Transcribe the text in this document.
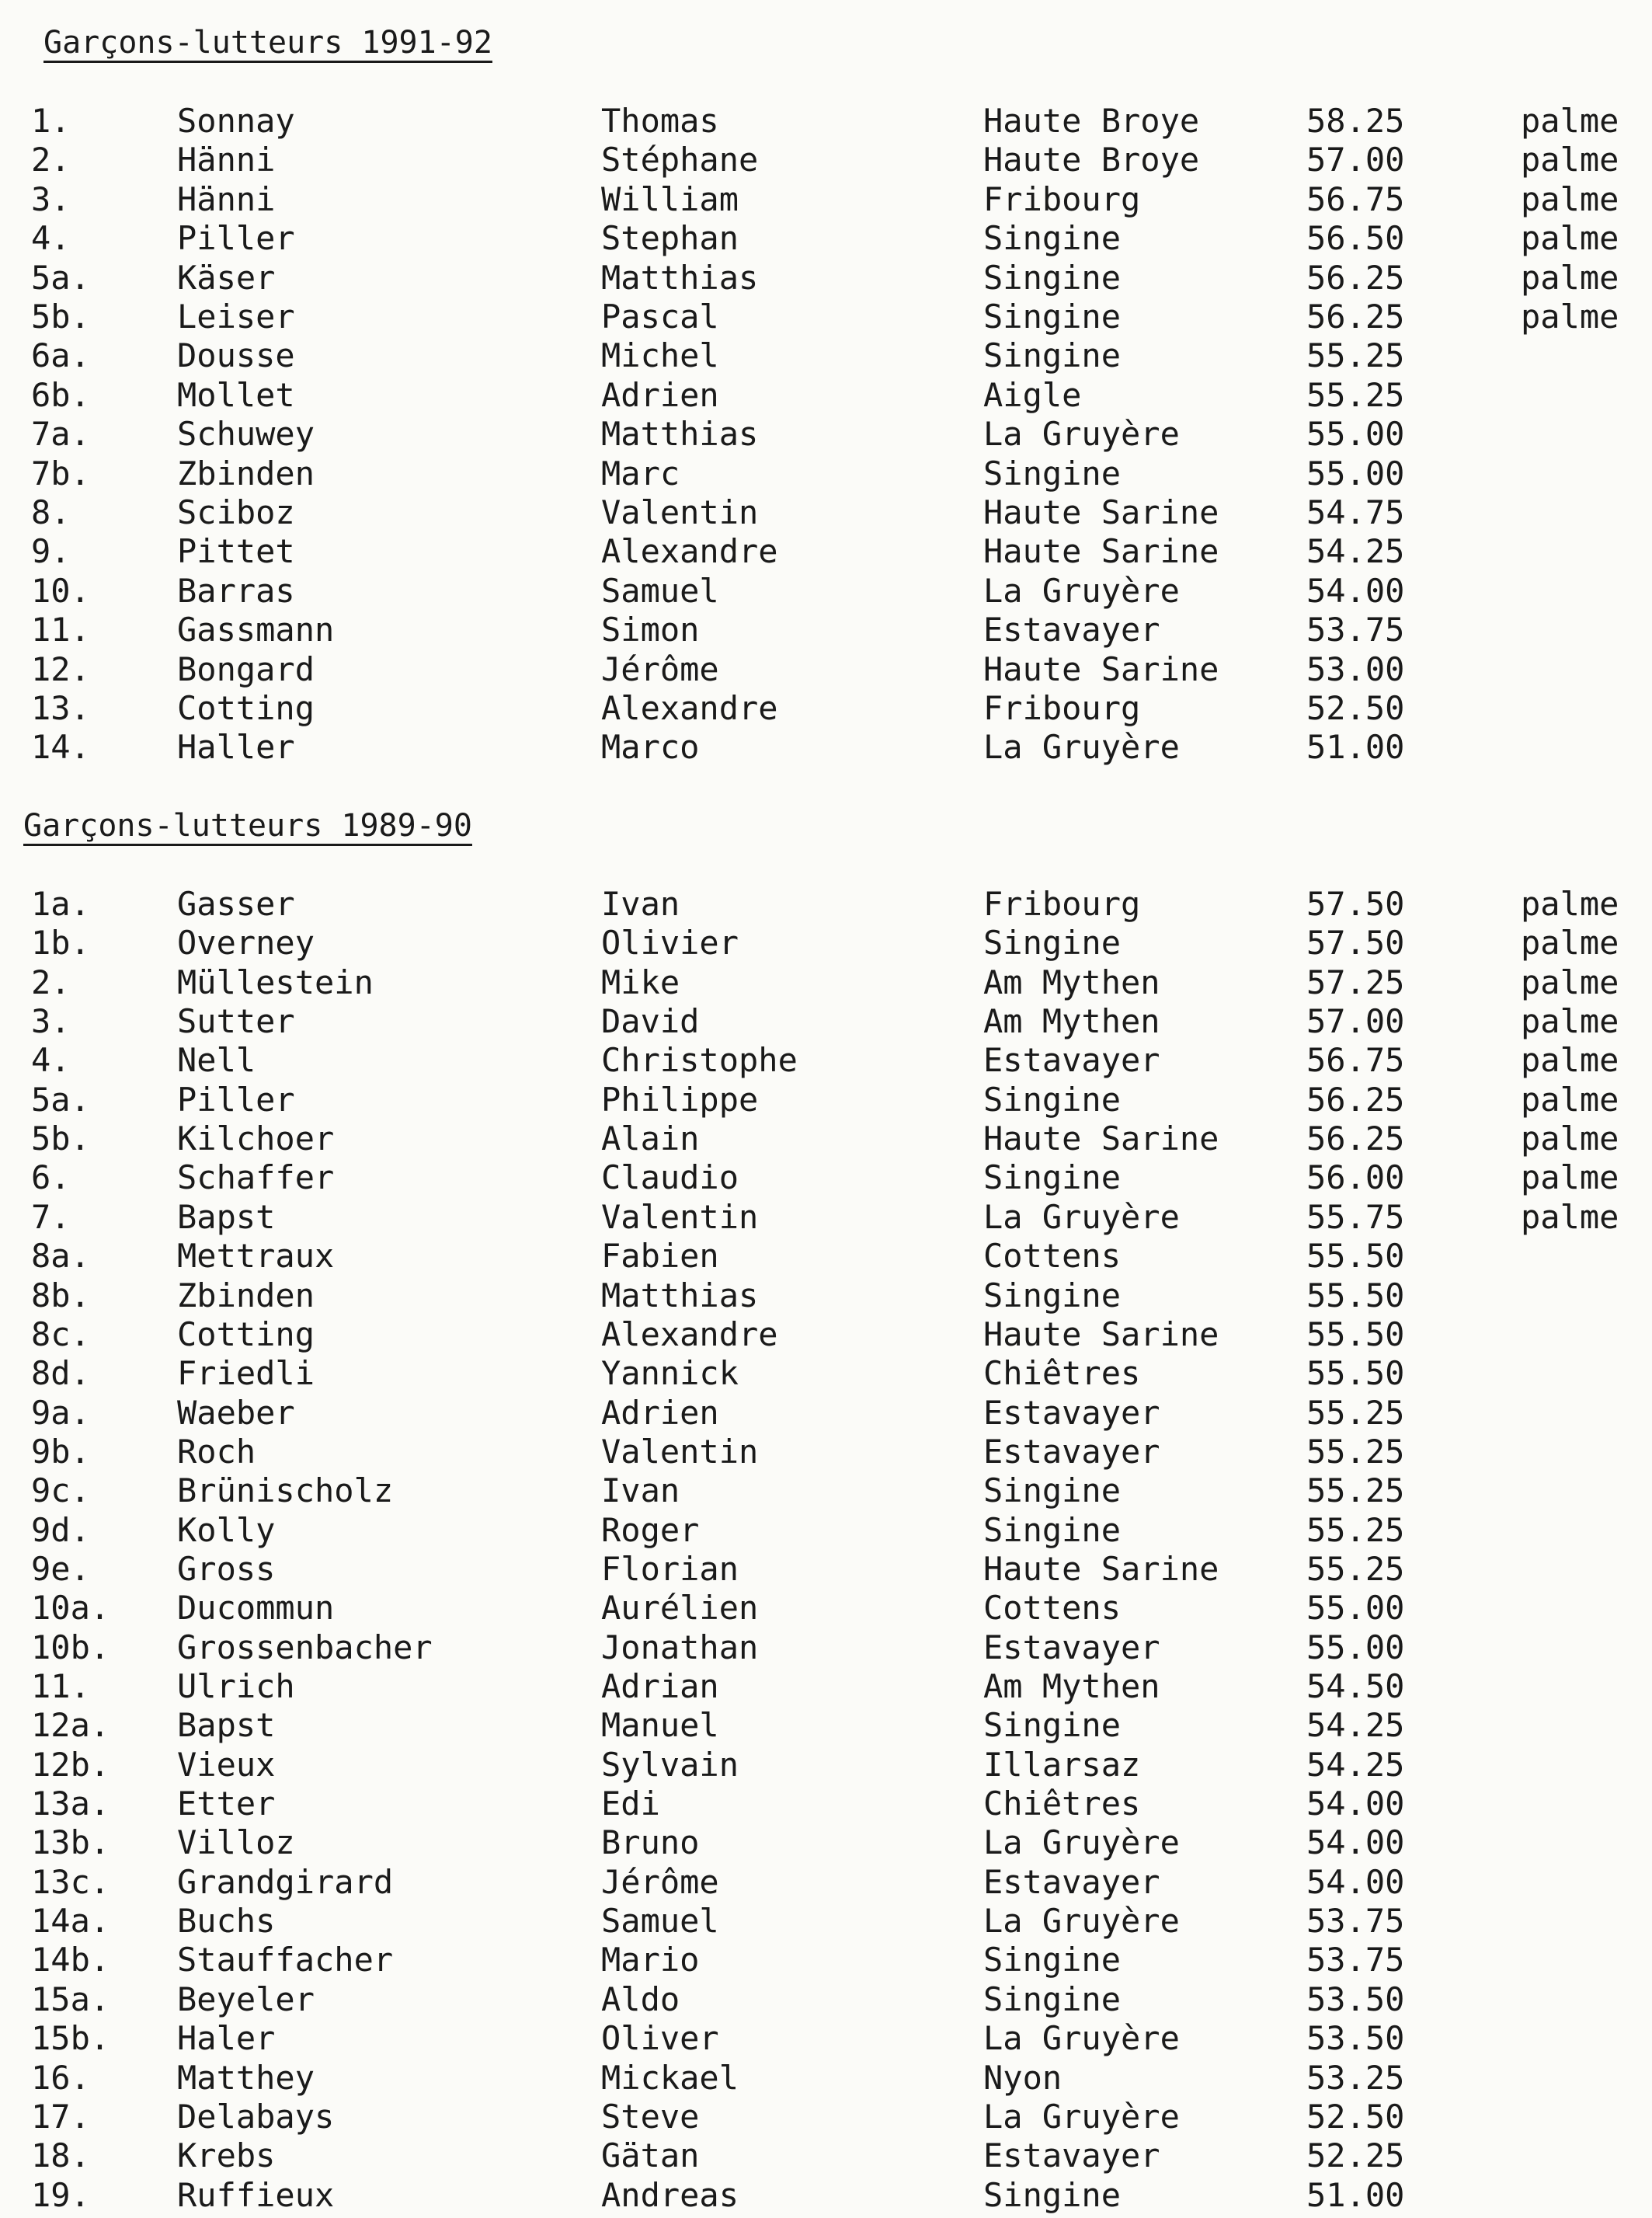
Garçons-lutteurs 1991-92
1.	Sonnay	Thomas	Haute Broye	58.25	palme
2.	Hänni	Stéphane	Haute Broye	57.00	palme
3.	Hänni	William	Fribourg	56.75	palme
4.	Piller	Stephan	Singine	56.50	palme
5a.	Käser	Matthias	Singine	56.25	palme
5b.	Leiser	Pascal	Singine	56.25	palme
6a.	Dousse	Michel	Singine	55.25
6b.	Mollet	Adrien	Aigle	55.25
7a.	Schuwey	Matthias	La Gruyère	55.00
7b.	Zbinden	Marc	Singine	55.00
8.	Sciboz	Valentin	Haute Sarine	54.75
9.	Pittet	Alexandre	Haute Sarine	54.25
10.	Barras	Samuel	La Gruyère	54.00
11.	Gassmann	Simon	Estavayer	53.75
12.	Bongard	Jérôme	Haute Sarine	53.00
13.	Cotting	Alexandre	Fribourg	52.50
14.	Haller	Marco	La Gruyère	51.00
Garçons-lutteurs 1989-90
1a.	Gasser	Ivan	Fribourg	57.50	palme
1b.	Overney	Olivier	Singine	57.50	palme
2.	Müllestein	Mike	Am Mythen	57.25	palme
3.	Sutter	David	Am Mythen	57.00	palme
4.	Nell	Christophe	Estavayer	56.75	palme
5a.	Piller	Philippe	Singine	56.25	palme
5b.	Kilchoer	Alain	Haute Sarine	56.25	palme
6.	Schaffer	Claudio	Singine	56.00	palme
7.	Bapst	Valentin	La Gruyère	55.75	palme
8a.	Mettraux	Fabien	Cottens	55.50
8b.	Zbinden	Matthias	Singine	55.50
8c.	Cotting	Alexandre	Haute Sarine	55.50
8d.	Friedli	Yannick	Chiêtres	55.50
9a.	Waeber	Adrien	Estavayer	55.25
9b.	Roch	Valentin	Estavayer	55.25
9c.	Brünischolz	Ivan	Singine	55.25
9d.	Kolly	Roger	Singine	55.25
9e.	Gross	Florian	Haute Sarine	55.25
10a. Ducommun	Aurélien	Cottens	55.00
10b. Grossenbacher	Jonathan	Estavayer	55.00
11.	Ulrich	Adrian	Am Mythen	54.50
12a. Bapst	Manuel	Singine	54.25
12b. Vieux	Sylvain	Illarsaz	54.25
13a. Etter	Edi	Chiêtres	54.00
13b. Villoz	Bruno	La Gruyère	54.00
13c. Grandgirard	Jérôme	Estavayer	54.00
14a. Buchs	Samuel	La Gruyère	53.75
14b. Stauffacher	Mario	Singine	53.75
15a. Beyeler	Aldo	Singine	53.50
15b. Haler	Oliver	La Gruyère	53.50
16.	Matthey	Mickael	Nyon	53.25
17.	Delabays	Steve	La Gruyère	52.50
18.	Krebs	Gätan	Estavayer	52.25
19.	Ruffieux	Andreas	Singine	51.00
